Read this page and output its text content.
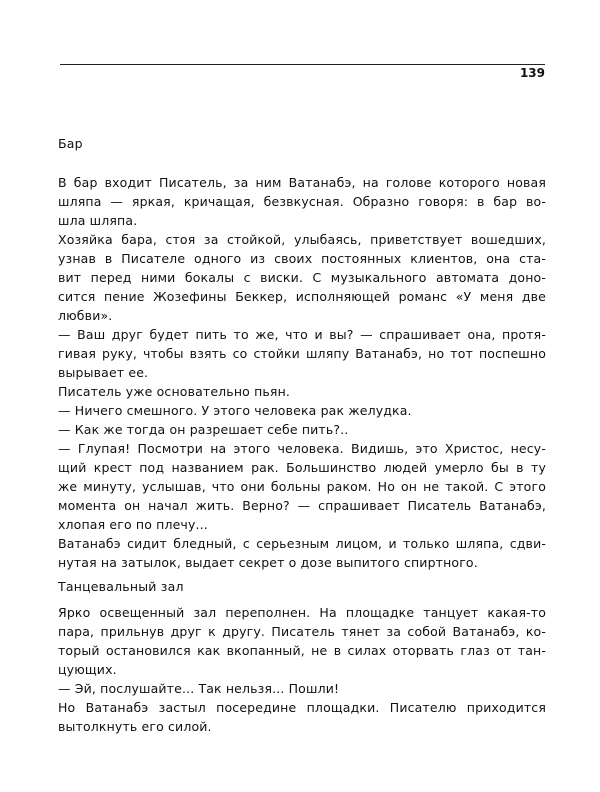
139
Бар
В бар входит Писатель, за ним Ватанабэ, на голове которого новая
шляпа — яркая, кричащая, безвкусная. Образно говоря: в бар во-
шла шляпа.
Хозяйка бара, стоя за стойкой, улыбаясь, приветствует вошедших,
узнав в Писателе одного из своих постоянных клиентов, она ста-
вит перед ними бокалы с виски. С музыкального автомата доно-
сится пение Жозефины Беккер, исполняющей романс «У меня две
любви».
— Ваш друг будет пить то же, что и вы? — спрашивает она, протя-
гивая руку, чтобы взять со стойки шляпу Ватанабэ, но тот поспешно
вырывает ее.
Писатель уже основательно пьян.
— Ничего смешного. У этого человека рак желудка.
— Как же тогда он разрешает себе пить?..
— Глупая! Посмотри на этого человека. Видишь, это Христос, несу-
щий крест под названием рак. Большинство людей умерло бы в ту
же минуту, услышав, что они больны раком. Но он не такой. С этого
момента он начал жить. Верно? — спрашивает Писатель Ватанабэ,
хлопая его по плечу...
Ватанабэ сидит бледный, с серьезным лицом, и только шляпа, сдви-
нутая на затылок, выдает секрет о дозе выпитого спиртного.
Танцевальный зал
Ярко освещенный зал переполнен. На площадке танцует какая-то
пара, прильнув друг к другу. Писатель тянет за собой Ватанабэ, ко-
торый остановился как вкопанный, не в силах оторвать глаз от тан-
цующих.
— Эй, послушайте... Так нельзя... Пошли!
Но Ватанабэ застыл посередине площадки. Писателю приходится
вытолкнуть его силой.
